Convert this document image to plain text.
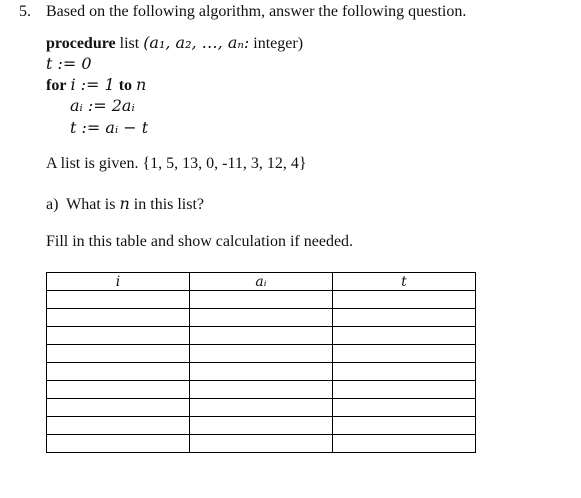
5. Based on the following algorithm, answer the following question.
procedure list (a₁, a₂, …, aₙ: integer)
t := 0
for i := 1 to n
aᵢ := 2aᵢ
t := aᵢ − t
A list is given. {1, 5, 13, 0, -11, 3, 12, 4}
a) What is n in this list?
Fill in this table and show calculation if needed.
i	aᵢ	t
